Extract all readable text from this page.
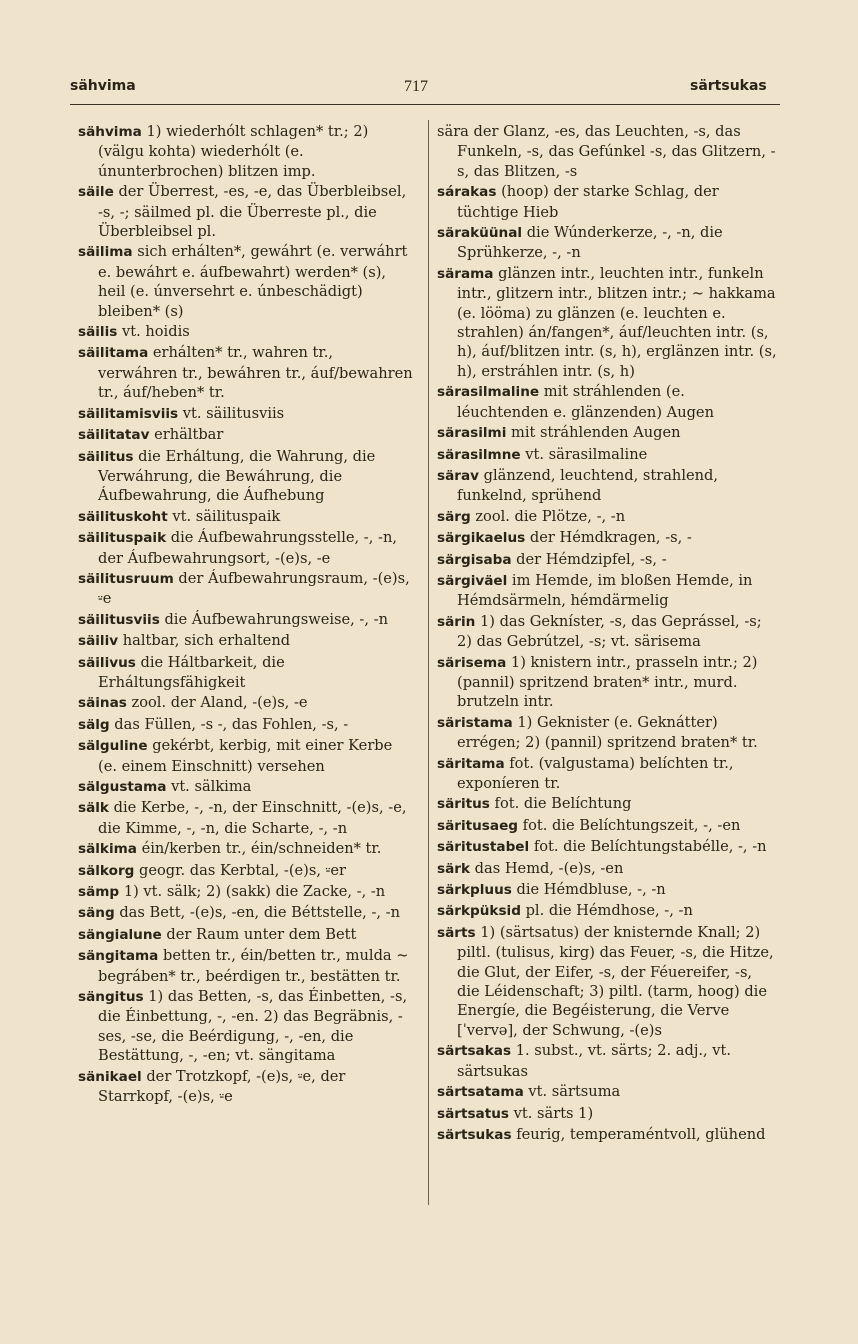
sähvima	717	särtsukas
sähvima 1) wiederhólt schlagen* tr.; 2) (välgu kohta) wiederhólt (e. únunterbrochen) blitzen imp.
säile der Überrest, -es, -e, das Überbleibsel, -s, -; säilmed pl. die Überreste pl., die Überbleibsel pl.
säilima sich erhálten*, gewáhrt (e. verwáhrt e. bewáhrt e. áufbewahrt) werden* (s), heil (e. únversehrt e. únbeschädigt) bleiben* (s)
säilis vt. hoidis
säilitama erhálten* tr., wahren tr., verwáhren tr., bewáhren tr., áuf/bewahren tr., áuf/heben* tr.
säilitamisviis vt. säilitusviis
säilitatav erhältbar
säilitus die Erháltung, die Wahrung, die Verwáhrung, die Bewáhrung, die Áufbewahrung, die Áufhebung
säilituskoht vt. säilituspaik
säilituspaik die Áufbewahrungsstelle, -, -n, der Áufbewahrungsort, -(e)s, -e
säilitusruum der Áufbewahrungsraum, -(e)s, ⸚e
säilitusviis die Áufbewahrungsweise, -, -n
säiliv haltbar, sich erhaltend
säilivus die Háltbarkeit, die Erháltungsfähigkeit
säinas zool. der Aland, -(e)s, -e
sälg das Füllen, -s -, das Fohlen, -s, -
sälguline gekérbt, kerbig, mit einer Kerbe (e. einem Einschnitt) versehen
sälgustama vt. sälkima
sälk die Kerbe, -, -n, der Einschnitt, -(e)s, -e, die Kimme, -, -n, die Scharte, -, -n
sälkima éin/kerben tr., éin/schneiden* tr.
sälkorg geogr. das Kerbtal, -(e)s, ⸚er
sämp 1) vt. sälk; 2) (sakk) die Zacke, -, -n
säng das Bett, -(e)s, -en, die Béttstelle, -, -n
sängialune der Raum unter dem Bett
sängitama betten tr., éin/betten tr., mulda ~ begráben* tr., beérdigen tr., bestätten tr.
sängitus 1) das Betten, -s, das Éinbetten, -s, die Éinbettung, -, -en. 2) das Begräbnis, -ses, -se, die Beérdigung, -, -en, die Bestättung, -, -en; vt. sängitama
sänikael der Trotzkopf, -(e)s, ⸚e, der Starrkopf, -(e)s, ⸚e
sära der Glanz, -es, das Leuchten, -s, das Funkeln, -s, das Gefúnkel -s, das Glitzern, -s, das Blitzen, -s
sárakas (hoop) der starke Schlag, der tüchtige Hieb
säraküünal die Wúnderkerze, -, -n, die Sprühkerze, -, -n
särama glänzen intr., leuchten intr., funkeln intr., glitzern intr., blitzen intr.; ~ hakkama (e. lööma) zu glänzen (e. leuchten e. strahlen) án/fangen*, áuf/leuchten intr. (s, h), áuf/blitzen intr. (s, h), erglänzen intr. (s, h), erstráhlen intr. (s, h)
särasilmaline mit stráhlenden (e. léuchtenden e. glänzenden) Augen
särasilmi mit stráhlenden Augen
särasilmne vt. särasilmaline
särav glänzend, leuchtend, strahlend, funkelnd, sprühend
särg zool. die Plötze, -, -n
särgikaelus der Hémdkragen, -s, -
särgisaba der Hémdzipfel, -s, -
särgiväel im Hemde, im bloßen Hemde, in Hémdsärmeln, hémdärmelig
särin 1) das Gekníster, -s, das Geprássel, -s; 2) das Gebrútzel, -s; vt. särisema
särisema 1) knistern intr., prasseln intr.; 2) (pannil) spritzend braten* intr., murd. brutzeln intr.
säristama 1) Geknister (e. Geknátter) errégen; 2) (pannil) spritzend braten* tr.
säritama fot. (valgustama) belíchten tr., exponíeren tr.
säritus fot. die Belíchtung
säritusaeg fot. die Belíchtungszeit, -, -en
säritustabel fot. die Belíchtungstabélle, -, -n
särk das Hemd, -(e)s, -en
särkpluus die Hémdbluse, -, -n
särkpüksid pl. die Hémdhose, -, -n
särts 1) (särtsatus) der knisternde Knall; 2) piltl. (tulisus, kirg) das Feuer, -s, die Hitze, die Glut, der Eifer, -s, der Féuereifer, -s, die Léidenschaft; 3) piltl. (tarm, hoog) die Energíe, die Begéisterung, die Verve [ˈvervə], der Schwung, -(e)s
särtsakas 1. subst., vt. särts; 2. adj., vt. särtsukas
särtsatama vt. särtsuma
särtsatus vt. särts 1)
särtsukas feurig, temperaméntvoll, glühend
